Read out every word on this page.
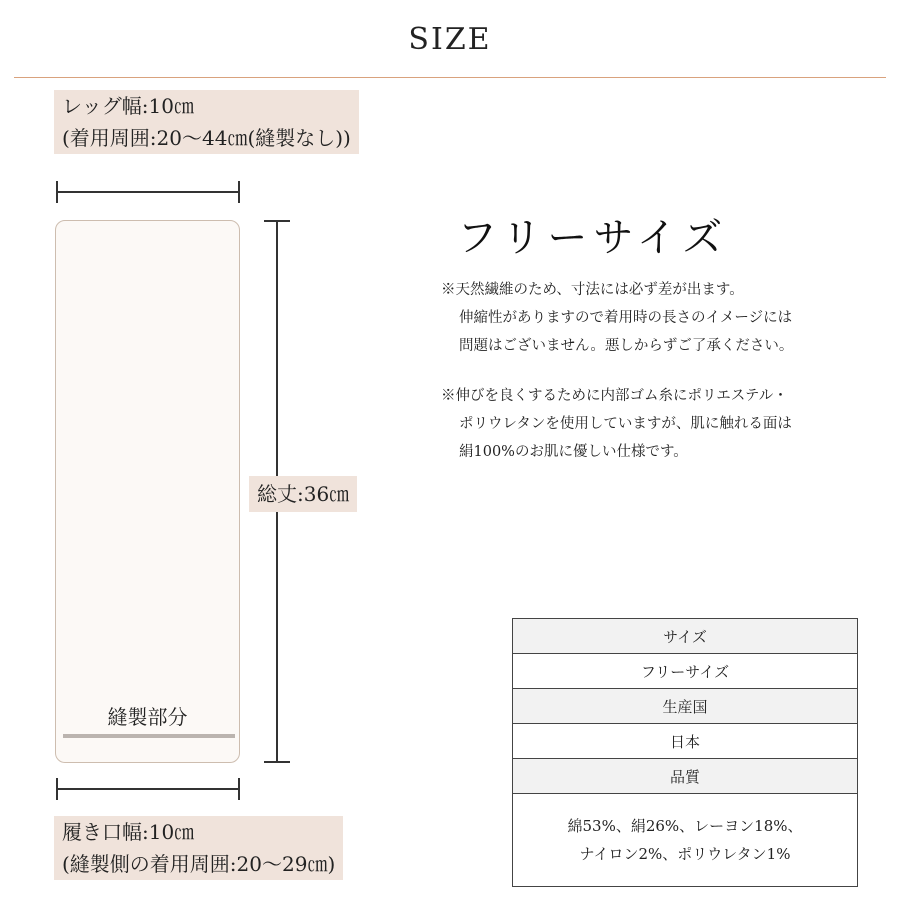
SIZE
レッグ幅:10㎝
(着用周囲:20〜44㎝(縫製なし))
縫製部分
総丈:36㎝
履き口幅:10㎝
(縫製側の着用周囲:20〜29㎝)
フリーサイズ
※天然繊維のため、寸法には必ず差が出ます。
伸縮性がありますので着用時の長さのイメージには
問題はございません。悪しからずご了承ください。
※伸びを良くするために内部ゴム糸にポリエステル・
ポリウレタンを使用していますが、肌に触れる面は
絹100%のお肌に優しい仕様です。
サイズ
フリーサイズ
生産国
日本
品質

綿53%、絹26%、レーヨン18%、
ナイロン2%、ポリウレタン1%
